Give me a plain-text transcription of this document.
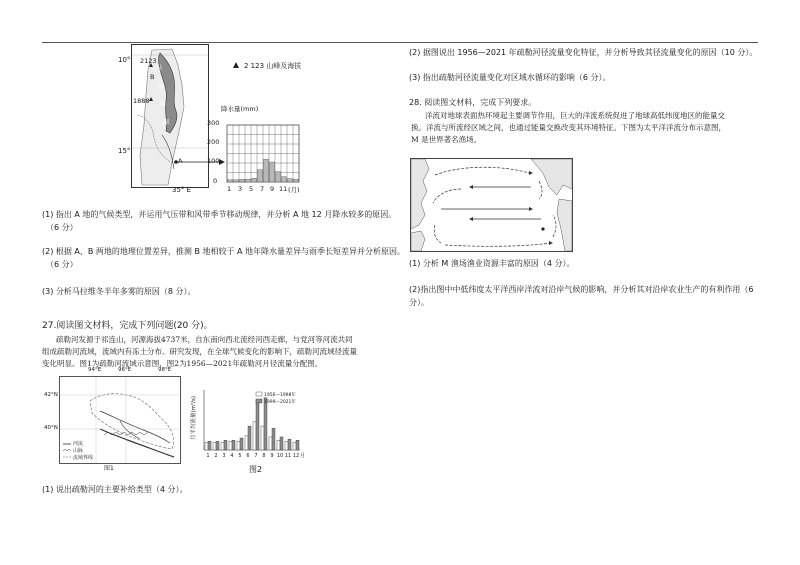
2123
1888
B
A
马
拉
维
湖
10°
15°
35° E
2 123 山峰及海拔
降水量(mm)
300
200
100
0
1 3 5 7 9 11 (月)
(1) 指出 A 地的气候类型，并运用气压带和风带季节移动规律，并分析 A 地 12 月降水较多的原因。
（6 分）
(2) 根据 A、B 两地的地理位置差异，推测 B 地相较于 A 地年降水量差异与雨季长短差异并分析原因。
（6 分）
(3) 分析马拉维冬半年多雾的原因（8 分）。
27.阅读图文材料，完成下列问题(20 分)。
疏勒河发源于祁连山，河源海拔4737米，自东南向西北流经河西走廊，与党河等河流共同
组成疏勒河流域，流域内有冻土分布。研究发现，在全球气候变化的影响下，疏勒河流域径流量
变化明显。图1为疏勒河流域示意图，图2为1956—2021年疏勒河月径流量分配图。
94°E	96°E	98°E
42°N
40°N
河流
山脉
流域界线
图1
月平均流量(m³/s)
1 2 3 4 5 6 7 8 9 10 11 12
1956—1998年
1999—2021年
图2
月
(1) 说出疏勒河的主要补给类型（4 分）。
(2) 据图说出 1956—2021 年疏勒河径流量变化特征，并分析导致其径流量变化的原因（10 分）。
(3) 指出疏勒河径流量变化对区域水循环的影响（6 分）。
28. 阅读图文材料，完成下列要求。
洋流对地球表面热环境起主要调节作用，巨大的洋流系统促进了地球高低纬度地区的能量交
换。洋流与所流经区域之间，也通过能量交换改变其环境特征。下图为太平洋洋流分布示意图，
M 是世界著名渔场。
(1) 分析 M 渔场渔业资源丰富的原因（4 分）。
(2)指出图中中低纬度太平洋西岸洋流对沿岸气候的影响，并分析其对沿岸农业生产的有利作用（6
分）。
